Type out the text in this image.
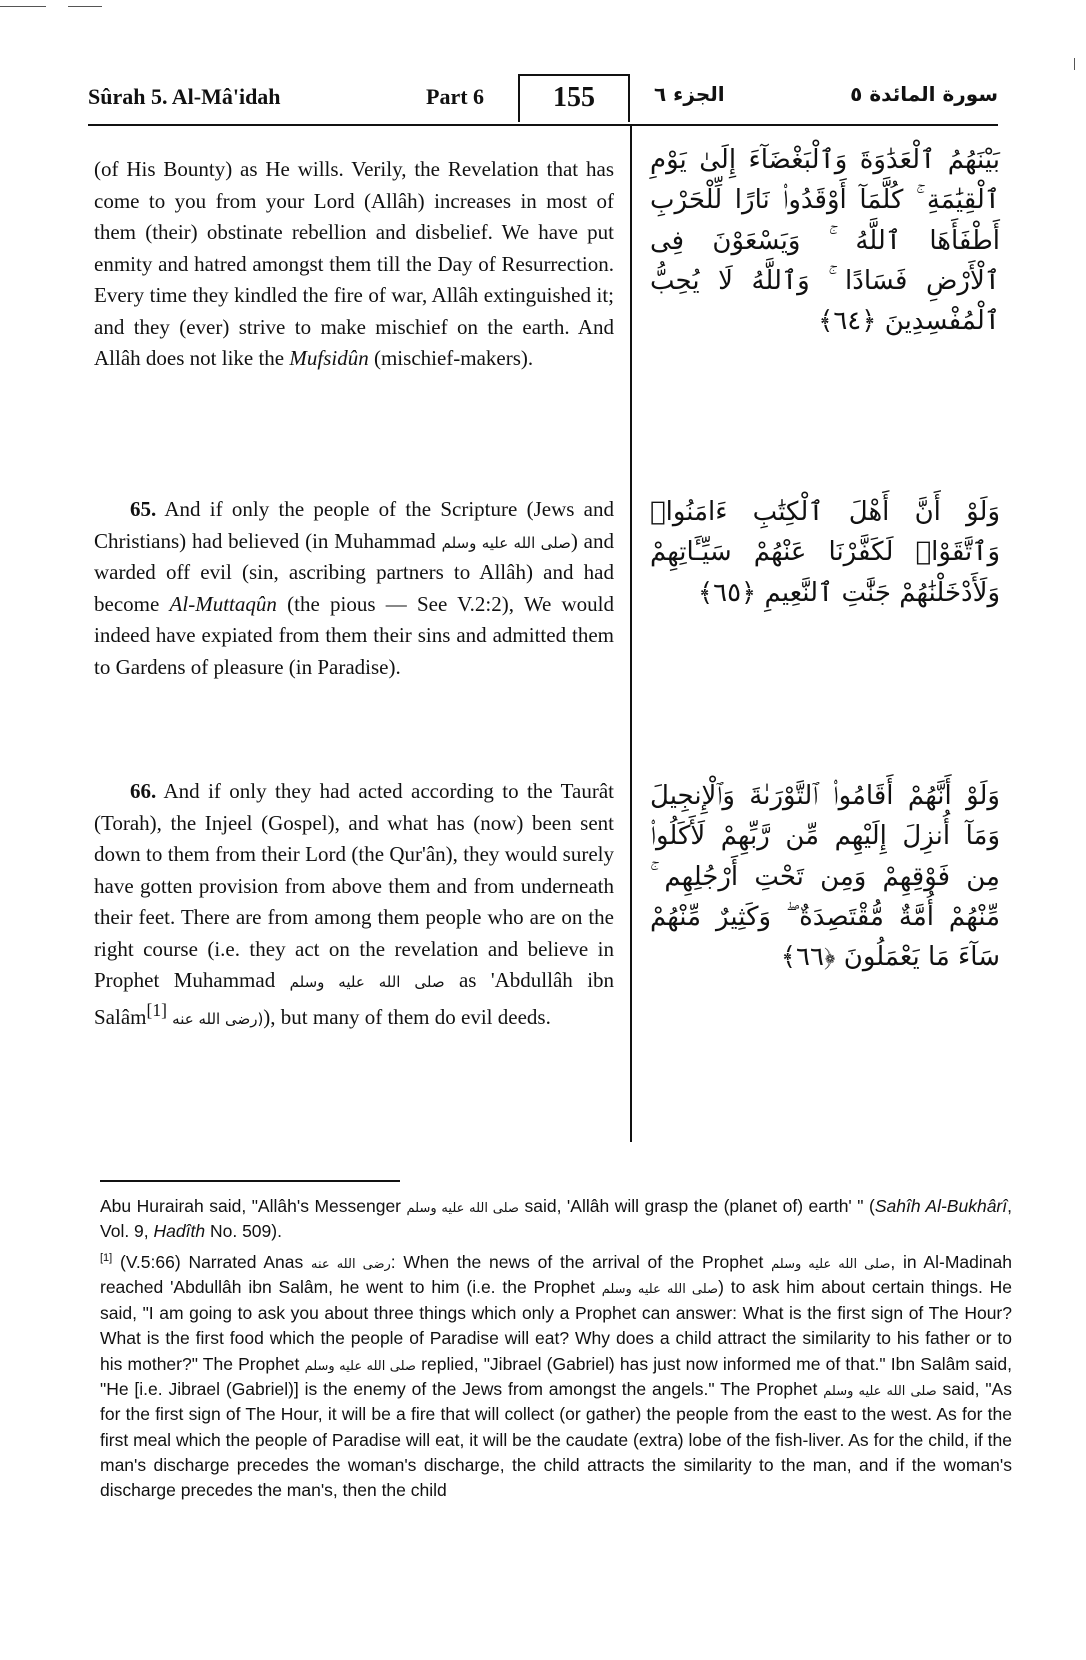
Sûrah 5. Al-Mâ'idah	Part 6	155	الجزء ٦	سورة المائدة ٥
(of His Bounty) as He wills. Verily, the Revelation that has come to you from your Lord (Allâh) increases in most of them (their) obstinate rebellion and disbelief. We have put enmity and hatred amongst them till the Day of Resurrection. Every time they kindled the fire of war, Allâh extinguished it; and they (ever) strive to make mischief on the earth. And Allâh does not like the Mufsidûn (mischief-makers).
65. And if only the people of the Scripture (Jews and Christians) had believed (in Muhammad صلى الله عليه وسلم) and warded off evil (sin, ascribing partners to Allâh) and had become Al-Muttaqûn (the pious — See V.2:2), We would indeed have expiated from them their sins and admitted them to Gardens of pleasure (in Paradise).
66. And if only they had acted according to the Taurât (Torah), the Injeel (Gospel), and what has (now) been sent down to them from their Lord (the Qur'ân), they would surely have gotten provision from above them and from underneath their feet. There are from among them people who are on the right course (i.e. they act on the revelation and believe in Prophet Muhammad صلى الله عليه وسلم as 'Abdullâh ibn Salâm[1] (رضى الله عنه), but many of them do evil deeds.
بَيْنَهُمُ ٱلْعَدَٰوَةَ وَٱلْبَغْضَآءَ إِلَىٰ يَوْمِ ٱلْقِيَٰمَةِ ۚ كُلَّمَآ أَوْقَدُوا۟ نَارًا لِّلْحَرْبِ أَطْفَأَهَا ٱللَّهُ ۚ وَيَسْعَوْنَ فِى ٱلْأَرْضِ فَسَادًا ۚ وَٱللَّهُ لَا يُحِبُّ ٱلْمُفْسِدِينَ ﴿٦٤﴾
وَلَوْ أَنَّ أَهْلَ ٱلْكِتَٰبِ ءَامَنُوا۟ وَٱتَّقَوْا۟ لَكَفَّرْنَا عَنْهُمْ سَيِّـَٔاتِهِمْ وَلَأَدْخَلْنَٰهُمْ جَنَّٰتِ ٱلنَّعِيمِ ﴿٦٥﴾
وَلَوْ أَنَّهُمْ أَقَامُوا۟ ٱلتَّوْرَىٰةَ وَٱلْإِنجِيلَ وَمَآ أُنزِلَ إِلَيْهِم مِّن رَّبِّهِمْ لَأَكَلُوا۟ مِن فَوْقِهِمْ وَمِن تَحْتِ أَرْجُلِهِم ۚ مِّنْهُمْ أُمَّةٌ مُّقْتَصِدَةٌ ۖ وَكَثِيرٌ مِّنْهُمْ سَآءَ مَا يَعْمَلُونَ ﴿٦٦﴾
Abu Hurairah said, "Allâh's Messenger صلى الله عليه وسلم said, 'Allâh will grasp the (planet of) earth' " (Sahîh Al-Bukhârî, Vol. 9, Hadîth No. 509).
[1] (V.5:66) Narrated Anas رضى الله عنه: When the news of the arrival of the Prophet صلى الله عليه وسلم, in Al-Madinah reached 'Abdullâh ibn Salâm, he went to him (i.e. the Prophet صلى الله عليه وسلم) to ask him about certain things. He said, "I am going to ask you about three things which only a Prophet can answer: What is the first sign of The Hour? What is the first food which the people of Paradise will eat? Why does a child attract the similarity to his father or to his mother?" The Prophet صلى الله عليه وسلم replied, "Jibrael (Gabriel) has just now informed me of that." Ibn Salâm said, "He [i.e. Jibrael (Gabriel)] is the enemy of the Jews from amongst the angels." The Prophet صلى الله عليه وسلم said, "As for the first sign of The Hour, it will be a fire that will collect (or gather) the people from the east to the west. As for the first meal which the people of Paradise will eat, it will be the caudate (extra) lobe of the fish-liver. As for the child, if the man's discharge precedes the woman's discharge, the child attracts the similarity to the man, and if the woman's discharge precedes the man's, then the child
